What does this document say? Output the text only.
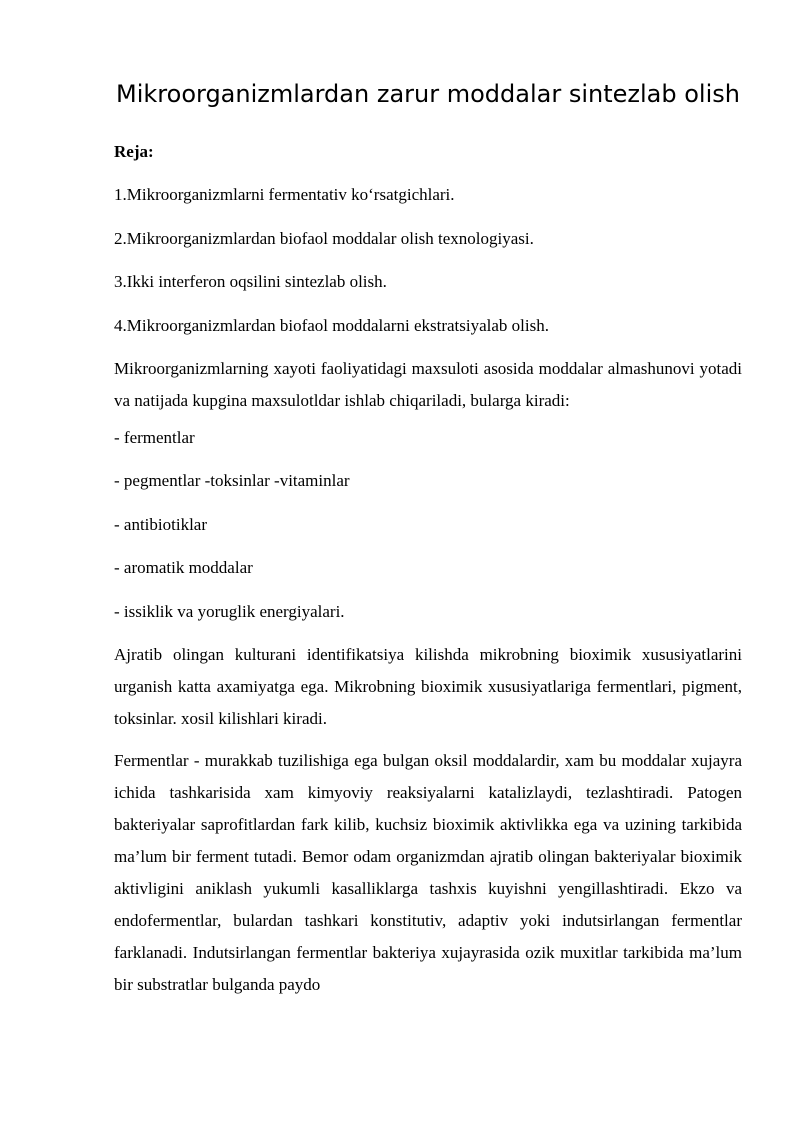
Mikroorganizmlardan zarur moddalar sintezlab olish

Reja:

1.Mikroorganizmlarni fermentativ ko‘rsatgichlari.

2.Mikroorganizmlardan biofaol moddalar olish texnologiyasi.

3.Ikki interferon oqsilini sintezlab olish.

4.Mikroorganizmlardan biofaol moddalarni ekstratsiyalab olish.

Mikroorganizmlarning xayoti faoliyatidagi maxsuloti asosida moddalar almashunovi yotadi va natijada kupgina maxsulotldar ishlab chiqariladi, bularga kiradi:

- fermentlar

- pegmentlar -toksinlar -vitaminlar

- antibiotiklar

- aromatik moddalar

- issiklik va yoruglik energiyalari.

Ajratib olingan kulturani identifikatsiya kilishda mikrobning bioximik xususiyatlarini urganish katta axamiyatga ega. Mikrobning bioximik xususiyatlariga fermentlari, pigment, toksinlar. xosil kilishlari kiradi.

Fermentlar - murakkab tuzilishiga ega bulgan oksil moddalardir, xam bu moddalar xujayra ichida tashkarisida xam kimyoviy reaksiyalarni katalizlaydi, tezlashtiradi. Patogen bakteriyalar saprofitlardan fark kilib, kuchsiz bioximik aktivlikka ega va uzining tarkibida ma’lum bir ferment tutadi. Bemor odam organizmdan ajratib olingan bakteriyalar bioximik aktivligini aniklash yukumli kasalliklarga tashxis kuyishni yengillashtiradi. Ekzo va endofermentlar, bulardan tashkari konstitutiv, adaptiv yoki indutsirlangan fermentlar farklanadi. Indutsirlangan fermentlar bakteriya xujayrasida ozik muxitlar tarkibida ma’lum bir substratlar bulganda paydo
